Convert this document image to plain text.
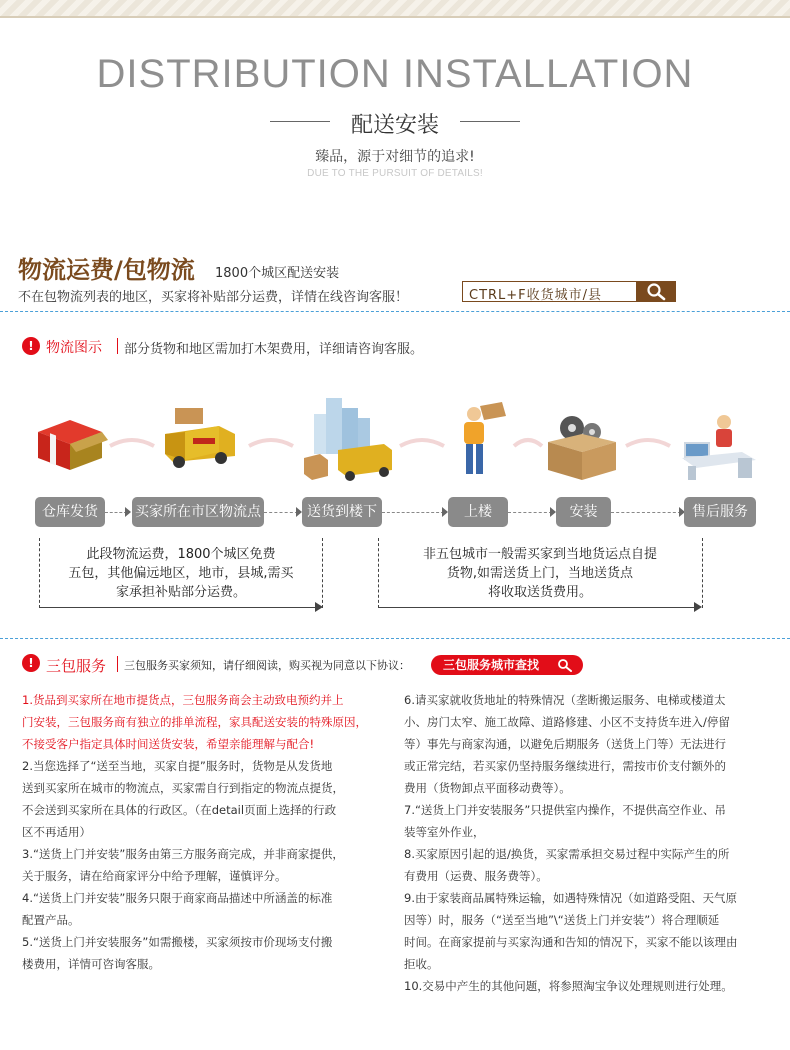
DISTRIBUTION INSTALLATION
配送安装
臻品，源于对细节的追求!
DUE TO THE PURSUIT OF DETAILS!
物流运费/包物流 1800个城区配送安装
不在包物流列表的地区，买家将补贴部分运费，详情在线咨询客服！	CTRL+F收货城市/县
! 物流图示 部分货物和地区需加打木架费用，详细请咨询客服。
仓库发货	买家所在市区物流点	送货到楼下	上楼	安装	售后服务
此段物流运费，1800个城区免费
五包，其他偏远地区，地市，县城,需买
家承担补贴部分运费。
非五包城市一般需买家到当地货运点自提
货物,如需送货上门，当地送货点
将收取送货费用。
! 三包服务 三包服务买家须知，请仔细阅读，购买视为同意以下协议：	三包服务城市查找

1.货品到买家所在地市提货点，三包服务商会主动致电预约并上

门安装，三包服务商有独立的排单流程，家具配送安装的特殊原因，

不接受客户指定具体时间送货安装，希望亲能理解与配合!

2.当您选择了“送至当地，买家自提”服务时，货物是从发货地

送到买家所在城市的物流点，买家需自行到指定的物流点提货，

不会送到买家所在具体的行政区。（在detail页面上选择的行政

区不再适用）

3.“送货上门并安装”服务由第三方服务商完成，并非商家提供，

关于服务，请在给商家评分中给予理解，谨慎评分。

4.“送货上门并安装”服务只限于商家商品描述中所涵盖的标准

配置产品。

5.“送货上门并安装服务”如需搬楼，买家须按市价现场支付搬

楼费用，详情可咨询客服。

6.请买家就收货地址的特殊情况（垄断搬运服务、电梯或楼道太

小、房门太窄、施工故障、道路修建、小区不支持货车进入/停留

等）事先与商家沟通，以避免后期服务（送货上门等）无法进行

或正常完结，若买家仍坚持服务继续进行，需按市价支付额外的

费用（货物卸点平面移动费等）。

7.“送货上门并安装服务”只提供室内操作，不提供高空作业、吊

装等室外作业，

8.买家原因引起的退/换货，买家需承担交易过程中实际产生的所

有费用（运费、服务费等）。

9.由于家装商品属特殊运输，如遇特殊情况（如道路受阻、天气原

因等）时，服务（“送至当地”\“送货上门并安装”）将合理顺延

时间。在商家提前与买家沟通和告知的情况下，买家不能以该理由

拒收。

10.交易中产生的其他问题，将参照淘宝争议处理规则进行处理。
